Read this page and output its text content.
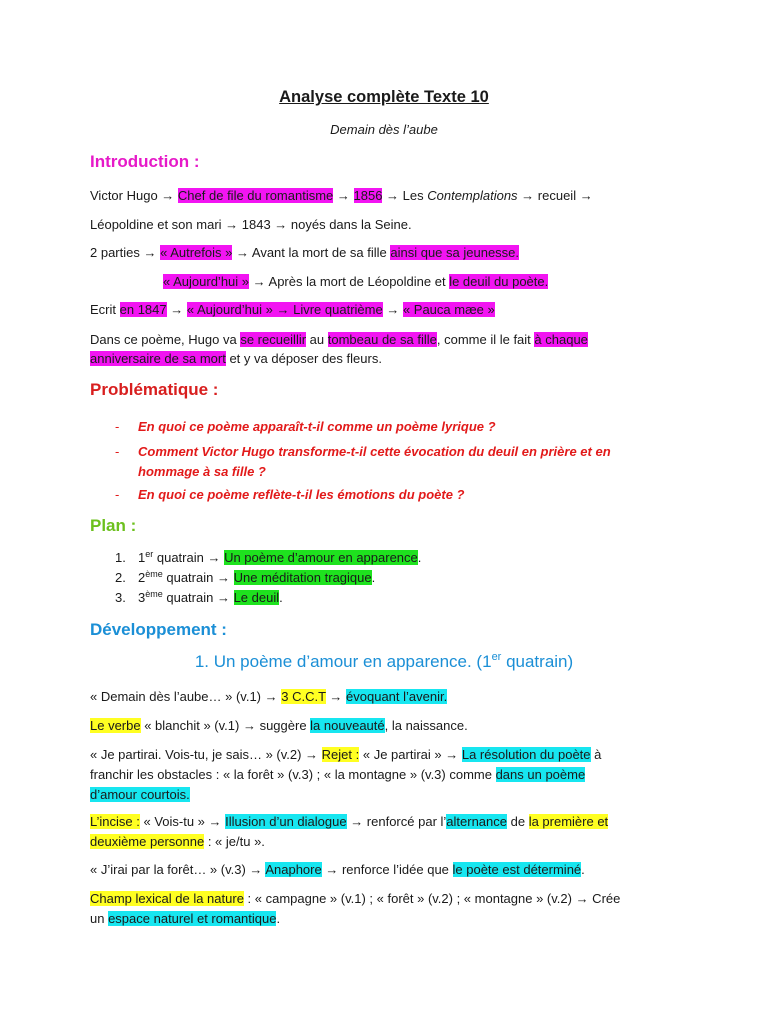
Analyse complète Texte 10
Demain dès l’aube
Introduction :
Victor Hugo → Chef de file du romantisme → 1856 → Les Contemplations → recueil →
Léopoldine et son mari → 1843 → noyés dans la Seine.
2 parties → « Autrefois » → Avant la mort de sa fille ainsi que sa jeunesse.
« Aujourd’hui » → Après la mort de Léopoldine et le deuil du poète.
Ecrit en 1847 → « Aujourd’hui » → Livre quatrième → « Pauca mæe »
Dans ce poème, Hugo va se recueillir au tombeau de sa fille, comme il le fait à chaque
anniversaire de sa mort et y va déposer des fleurs.
Problématique :
- En quoi ce poème apparaît-t-il comme un poème lyrique ?
- Comment Victor Hugo transforme-t-il cette évocation du deuil en prière et en
hommage à sa fille ?
- En quoi ce poème reflète-t-il les émotions du poète ?
Plan :
1. 1er quatrain → Un poème d’amour en apparence.
2. 2ème quatrain → Une méditation tragique.
3. 3ème quatrain → Le deuil.
Développement :
1. Un poème d’amour en apparence. (1er quatrain)
« Demain dès l’aube… » (v.1) → 3 C.C.T → évoquant l’avenir.
Le verbe « blanchit » (v.1) → suggère la nouveauté, la naissance.
« Je partirai. Vois-tu, je sais… » (v.2) → Rejet : « Je partirai » → La résolution du poète à
franchir les obstacles : « la forêt » (v.3) ; « la montagne » (v.3) comme dans un poème
d’amour courtois.
L’incise : « Vois-tu » → Illusion d’un dialogue → renforcé par l’alternance de la première et
deuxième personne : « je/tu ».
« J’irai par la forêt… » (v.3) → Anaphore → renforce l’idée que le poète est déterminé.
Champ lexical de la nature : « campagne » (v.1) ; « forêt » (v.2) ; « montagne » (v.2) → Crée
un espace naturel et romantique.
